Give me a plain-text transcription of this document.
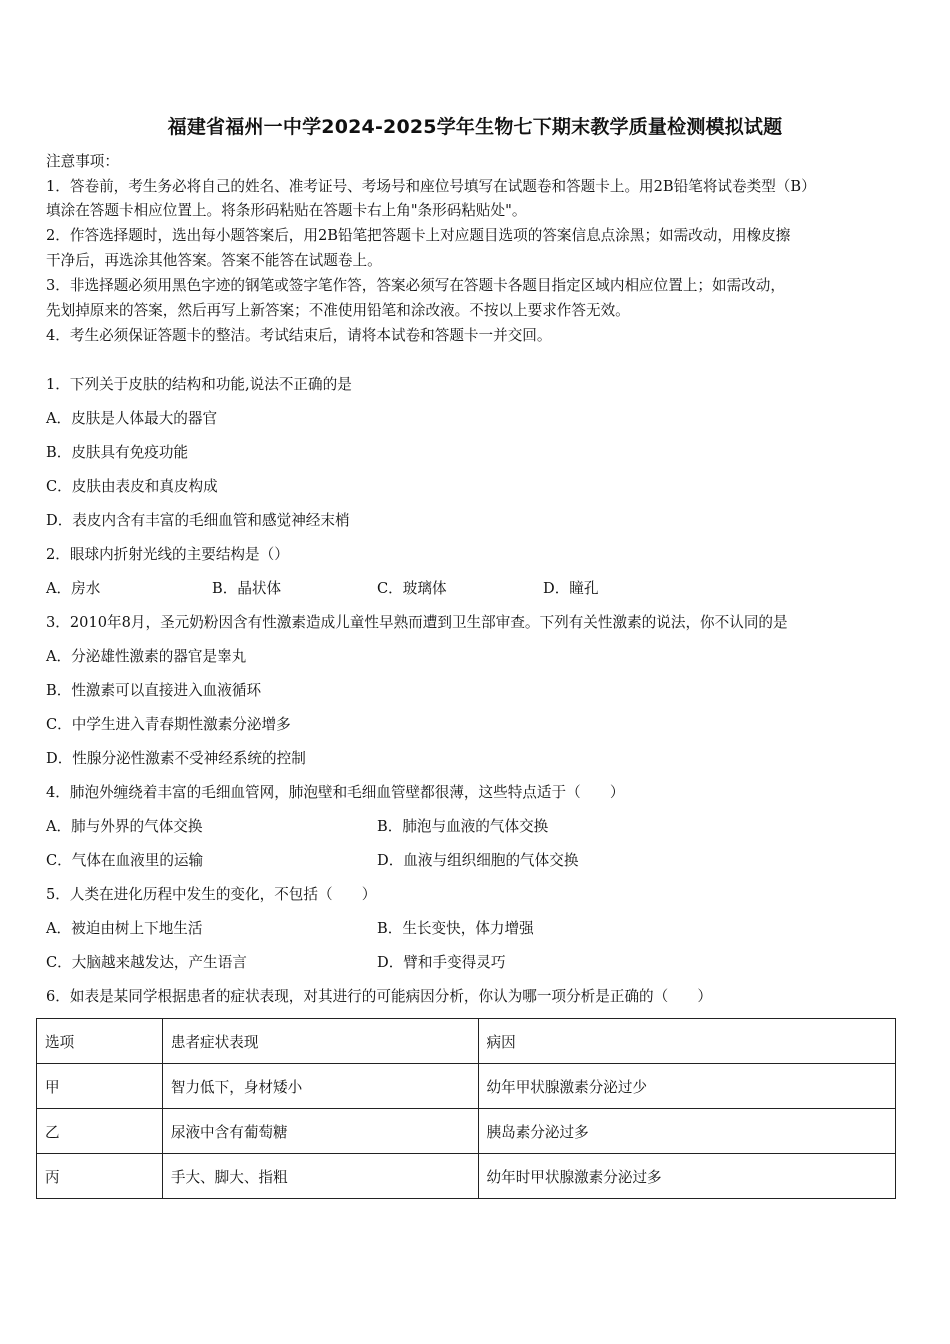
福建省福州一中学2024-2025学年生物七下期末教学质量检测模拟试题
注意事项：
1．答卷前，考生务必将自己的姓名、准考证号、考场号和座位号填写在试题卷和答题卡上。用2B铅笔将试卷类型（B）
填涂在答题卡相应位置上。将条形码粘贴在答题卡右上角"条形码粘贴处"。
2．作答选择题时，选出每小题答案后，用2B铅笔把答题卡上对应题目选项的答案信息点涂黑；如需改动，用橡皮擦
干净后，再选涂其他答案。答案不能答在试题卷上。
3．非选择题必须用黑色字迹的钢笔或签字笔作答，答案必须写在答题卡各题目指定区域内相应位置上；如需改动，
先划掉原来的答案，然后再写上新答案；不准使用铅笔和涂改液。不按以上要求作答无效。
4．考生必须保证答题卡的整洁。考试结束后，请将本试卷和答题卡一并交回。
1．下列关于皮肤的结构和功能,说法不正确的是
A．皮肤是人体最大的器官
B．皮肤具有免疫功能
C．皮肤由表皮和真皮构成
D．表皮内含有丰富的毛细血管和感觉神经末梢
2．眼球内折射光线的主要结构是（）
A．房水	B．晶状体	C．玻璃体	D．瞳孔
3．2010年8月，圣元奶粉因含有性激素造成儿童性早熟而遭到卫生部审查。下列有关性激素的说法，你不认同的是
A．分泌雄性激素的器官是睾丸
B．性激素可以直接进入血液循环
C．中学生进入青春期性激素分泌增多
D．性腺分泌性激素不受神经系统的控制
4．肺泡外缠绕着丰富的毛细血管网，肺泡壁和毛细血管壁都很薄，这些特点适于（　　）
A．肺与外界的气体交换	B．肺泡与血液的气体交换
C．气体在血液里的运输	D．血液与组织细胞的气体交换
5．人类在进化历程中发生的变化，不包括（　　）
A．被迫由树上下地生活	B．生长变快，体力增强
C．大脑越来越发达，产生语言	D．臂和手变得灵巧
6．如表是某同学根据患者的症状表现，对其进行的可能病因分析，你认为哪一项分析是正确的（　　）
选项	患者症状表现	病因
甲	智力低下，身材矮小	幼年甲状腺激素分泌过少
乙	尿液中含有葡萄糖	胰岛素分泌过多
丙	手大、脚大、指粗	幼年时甲状腺激素分泌过多
